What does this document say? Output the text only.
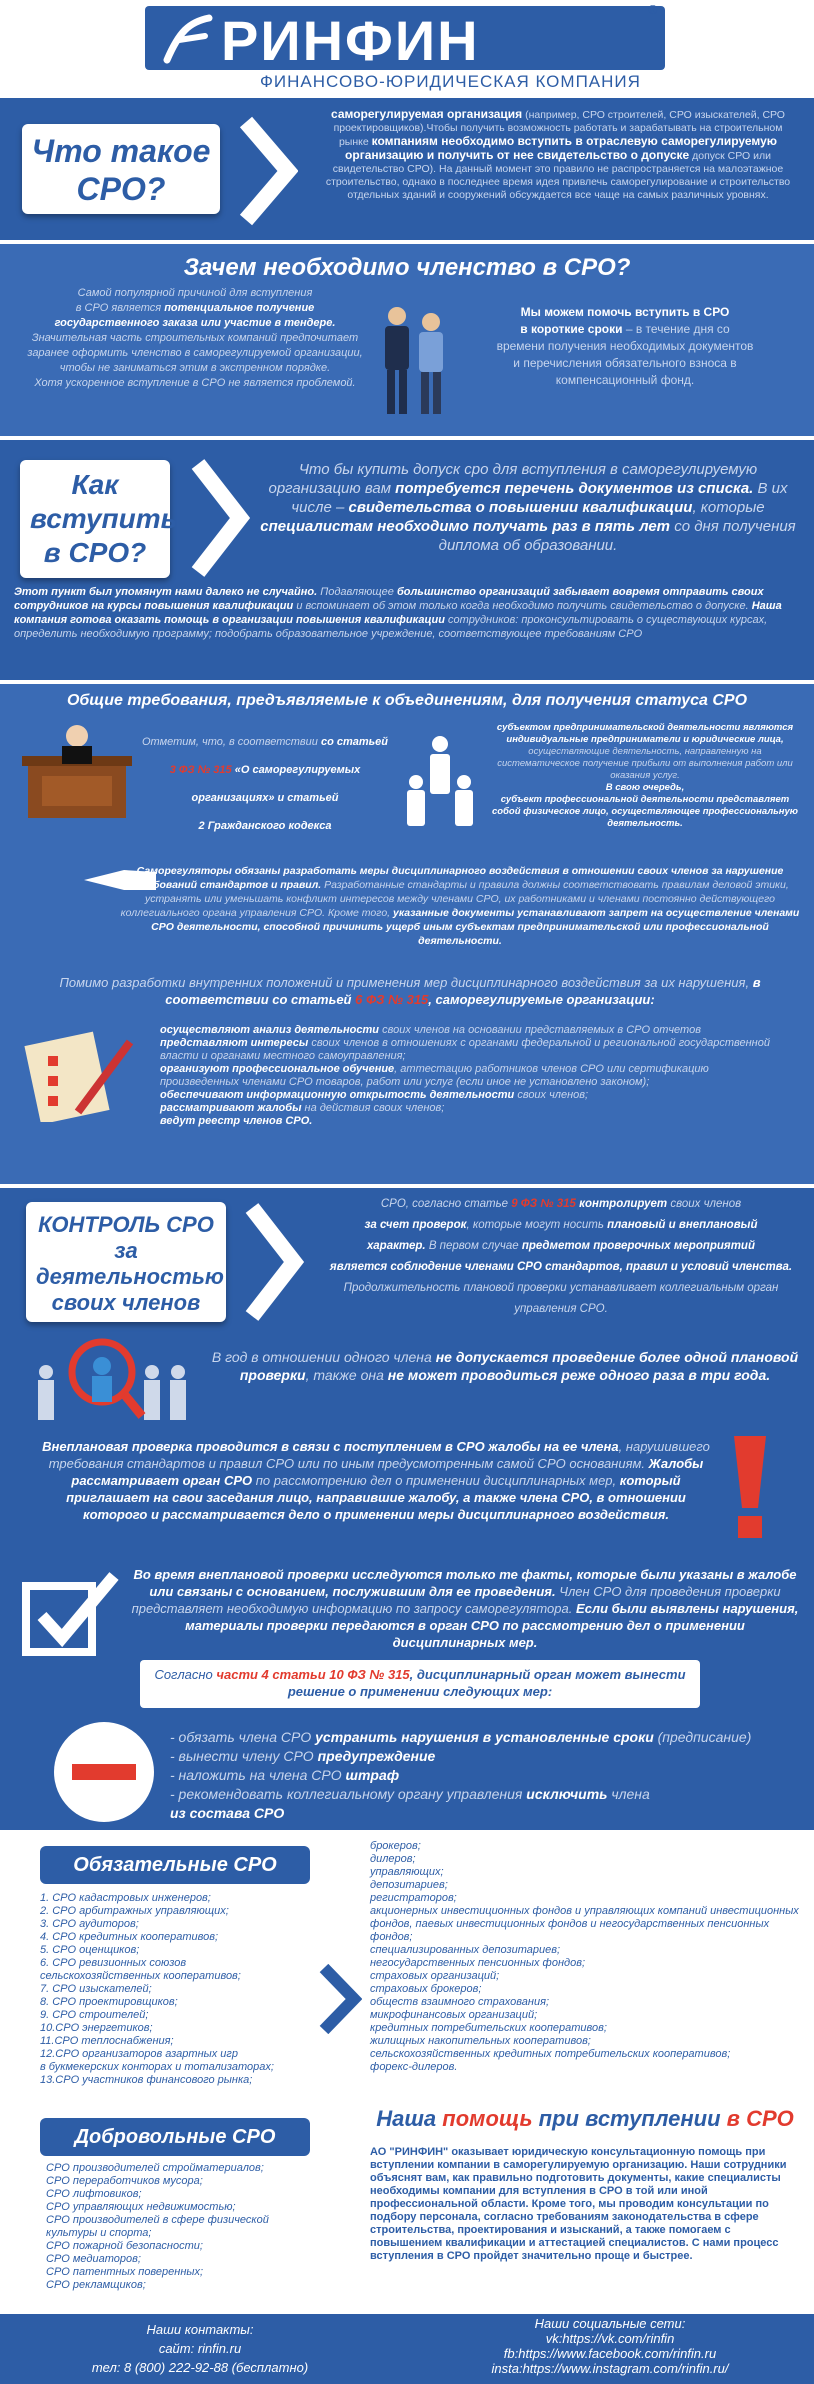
РИНФИН	®
ФИНАНСОВО-ЮРИДИЧЕСКАЯ КОМПАНИЯ
Что такое СРО?
саморегулируемая организация (например, СРО строителей, СРО изыскателей, СРО проектировщиков).Чтобы получить возможность работать и зарабатывать на строительном рынке компаниям необходимо вступить в отраслевую саморегулируемую организацию и получить от нее свидетельство о допуске допуск СРО или свидетельство СРО). На данный момент это правило не распространяется на малоэтажное строительство, однако в последнее время идея привлечь саморегулирование и строительство отдельных зданий и сооружений обсуждается все чаще на самых различных уровнях.
Зачем необходимо членство в СРО?
Самой популярной причиной для вступления
в СРО является потенциальное получение
государственного заказа или участие в тендере.
Значительная часть строительных компаний предпочитает
заранее оформить членство в саморегулируемой организации,
чтобы не заниматься этим в экстренном порядке.
Хотя ускоренное вступление в СРО не является проблемой.
Мы можем помочь вступить в СРО
в короткие сроки – в течение дня со
времени получения необходимых документов
и перечисления обязательного взноса в
компенсационный фонд.
Как вступить в СРО?
Что бы купить допуск сро для вступления в саморегулируемую организацию вам потребуется перечень документов из списка. В их числе – свидетельства о повышении квалификации, которые специалистам необходимо получать раз в пять лет со дня получения диплома об образовании.
Этот пункт был упомянут нами далеко не случайно. Подавляющее большинство организаций забывает вовремя отправить своих сотрудников на курсы повышения квалификации и вспоминает об этом только когда необходимо получить свидетельство о допуске. Наша компания готова оказать помощь в организации повышения квалификации сотрудников: проконсультировать о существующих курсах, определить необходимую программу; подобрать образовательное учреждение, соответствующее требованиям СРО
Общие требования, предъявляемые к объединениям, для получения статуса СРО
Отметим, что, в соответствии со статьей
3 ФЗ № 315 «О саморегулируемых
организациях» и статьей
2 Гражданского кодекса
субъектом предпринимательской деятельности являются индивидуальные предприниматели и юридические лица,
осуществляющие деятельность, направленную на систематическое получение прибыли от выполнения работ или оказания услуг.
В свою очередь,
субъект профессиональной деятельности представляет собой физическое лицо, осуществляющее профессиональную деятельность.
Саморегуляторы обязаны разработать меры дисциплинарного воздействия в отношении своих членов за нарушение требований стандартов и правил. Разработанные стандарты и правила должны соответствовать правилам деловой этики, устранять или уменьшать конфликт интересов между членами СРО, их работниками и членами постоянно действующего коллегиального органа управления СРО. Кроме того, указанные документы устанавливают запрет на осуществление членами СРО деятельности, способной причинить ущерб иным субъектам предпринимательской или профессиональной деятельности.
Помимо разработки внутренних положений и применения мер дисциплинарного воздействия за их нарушения, в соответствии со статьей 6 ФЗ № 315, саморегулируемые организации:
осуществляют анализ деятельности своих членов на основании представляемых в СРО отчетов
представляют интересы своих членов в отношениях с органами федеральной и региональной государственной власти и органами местного самоуправления;
организуют профессиональное обучение, аттестацию работников членов СРО или сертификацию произведенных членами СРО товаров, работ или услуг (если иное не установлено законом);
обеспечивают информационную открытость деятельности своих членов;
рассматривают жалобы на действия своих членов;
ведут реестр членов СРО.
КОНТРОЛЬ СРО за деятельностью своих членов
СРО, согласно статье 9 ФЗ № 315 контролирует своих членов
за счет проверок, которые могут носить плановый и внеплановый
характер. В первом случае предметом проверочных мероприятий
является соблюдение членами СРО стандартов, правил и условий членства.
Продолжительность плановой проверки устанавливает коллегиальным орган управления СРО.
В год в отношении одного члена не допускается проведение более одной плановой проверки, также она не может проводиться реже одного раза в три года.
Внеплановая проверка проводится в связи с поступлением в СРО жалобы на ее члена, нарушившего требования стандартов и правил СРО или по иным предусмотренным самой СРО основаниям. Жалобы рассматривает орган СРО по рассмотрению дел о применении дисциплинарных мер, который приглашает на свои заседания лицо, направившие жалобу, а также члена СРО, в отношении которого и рассматривается дело о применении меры дисциплинарного воздействия.
Во время внеплановой проверки исследуются только те факты, которые были указаны в жалобе или связаны с основанием, послужившим для ее проведения. Член СРО для проведения проверки представляет необходимую информацию по запросу саморегулятора. Если были выявлены нарушения, материалы проверки передаются в орган СРО по рассмотрению дел о применении дисциплинарных мер.
Согласно части 4 статьи 10 ФЗ № 315, дисциплинарный орган может вынести решение о применении следующих мер:
- обязать члена СРО устранить нарушения в установленные сроки (предписание)
- вынести члену СРО предупреждение
- наложить на члена СРО штраф
- рекомендовать коллегиальному органу управления исключить члена
из состава СРО
Обязательные СРО
1. СРО кадастровых инженеров;
2. СРО арбитражных управляющих;
3. СРО аудиторов;
4. СРО кредитных кооперативов;
5. СРО оценщиков;
6. СРО ревизионных союзов
сельскохозяйственных кооперативов;
7. СРО изыскателей;
8. СРО проектировщиков;
9. СРО строителей;
10.СРО энергетиков;
11.СРО теплоснабжения;
12.СРО организаторов азартных игр
в букмекерских конторах и тотализаторах;
13.СРО участников финансового рынка;
брокеров;
дилеров;
управляющих;
депозитариев;
регистраторов;
акционерных инвестиционных фондов и управляющих компаний инвестиционных фондов, паевых инвестиционных фондов и негосударственных пенсионных фондов;
специализированных депозитариев;
негосударственных пенсионных фондов;
страховых организаций;
страховых брокеров;
обществ взаимного страхования;
микрофинансовых организаций;
кредитных потребительских кооперативов;
жилищных накопительных кооперативов;
сельскохозяйственных кредитных потребительских кооперативов;
форекс-дилеров.
Добровольные СРО
СРО производителей стройматериалов;
СРО переработчиков мусора;
СРО лифтовиков;
СРО управляющих недвижимостью;
СРО производителей в сфере физической
культуры и спорта;
СРО пожарной безопасности;
СРО медиаторов;
СРО патентных поверенных;
СРО рекламщиков;
Наша помощь при вступлении в СРО
АО "РИНФИН" оказывает юридическую консультационную помощь при вступлении компании в саморегулируемую организацию. Наши сотрудники объяснят вам, как правильно подготовить документы, какие специалисты необходимы компании для вступления в СРО в той или иной профессиональной области. Кроме того, мы проводим консультации по подбору персонала, согласно требованиям законодательства в сфере строительства, проектирования и изысканий, а также помогаем с повышением квалификации и аттестацией специалистов. С нами процесс вступления в СРО пройдет значительно проще и быстрее.
Наши контакты:
сайт: rinfin.ru
тел: 8 (800) 222-92-88 (бесплатно)
Наши социальные сети:
vk:https://vk.com/rinfin
fb:https://www.facebook.com/rinfin.ru
insta:https://www.instagram.com/rinfin.ru/
